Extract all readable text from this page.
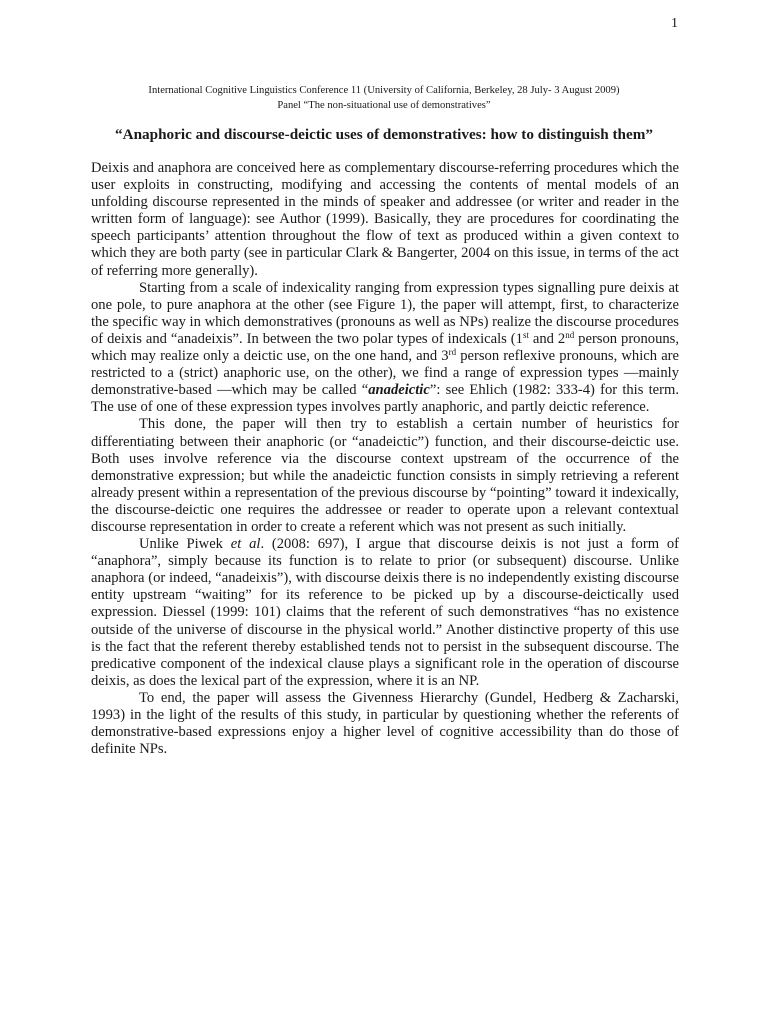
1
International Cognitive Linguistics Conference 11 (University of California, Berkeley, 28 July- 3 August 2009)
Panel “The non-situational use of demonstratives”
“Anaphoric and discourse-deictic uses of demonstratives: how to distinguish them”

Deixis and anaphora are conceived here as complementary discourse-referring procedures which the user exploits in constructing, modifying and accessing the contents of mental models of an unfolding discourse represented in the minds of speaker and addressee (or writer and reader in the written form of language): see Author (1999). Basically, they are procedures for coordinating the speech participants’ attention throughout the flow of text as produced within a given context to which they are both party (see in particular Clark & Bangerter, 2004 on this issue, in terms of the act of referring more generally).

Starting from a scale of indexicality ranging from expression types signalling pure deixis at one pole, to pure anaphora at the other (see Figure 1), the paper will attempt, first, to characterize the specific way in which demonstratives (pronouns as well as NPs) realize the discourse procedures of deixis and “anadeixis”. In between the two polar types of indexicals (1st and 2nd person pronouns, which may realize only a deictic use, on the one hand, and 3rd person reflexive pronouns, which are restricted to a (strict) anaphoric use, on the other), we find a range of expression types —mainly demonstrative-based —which may be called “anadeictic”: see Ehlich (1982: 333-4) for this term. The use of one of these expression types involves partly anaphoric, and partly deictic reference.

This done, the paper will then try to establish a certain number of heuristics for differentiating between their anaphoric (or “anadeictic”) function, and their discourse-deictic use. Both uses involve reference via the discourse context upstream of the occurrence of the demonstrative expression; but while the anadeictic function consists in simply retrieving a referent already present within a representation of the previous discourse by “pointing” toward it indexically, the discourse-deictic one requires the addressee or reader to operate upon a relevant contextual discourse representation in order to create a referent which was not present as such initially.

Unlike Piwek et al. (2008: 697), I argue that discourse deixis is not just a form of “anaphora”, simply because its function is to relate to prior (or subsequent) discourse. Unlike anaphora (or indeed, “anadeixis”), with discourse deixis there is no independently existing discourse entity upstream “waiting” for its reference to be picked up by a discourse-deictically used expression. Diessel (1999: 101) claims that the referent of such demonstratives “has no existence outside of the universe of discourse in the physical world.” Another distinctive property of this use is the fact that the referent thereby established tends not to persist in the subsequent discourse. The predicative component of the indexical clause plays a significant role in the operation of discourse deixis, as does the lexical part of the expression, where it is an NP.

To end, the paper will assess the Givenness Hierarchy (Gundel, Hedberg & Zacharski, 1993) in the light of the results of this study, in particular by questioning whether the referents of demonstrative-based expressions enjoy a higher level of cognitive accessibility than do those of definite NPs.
